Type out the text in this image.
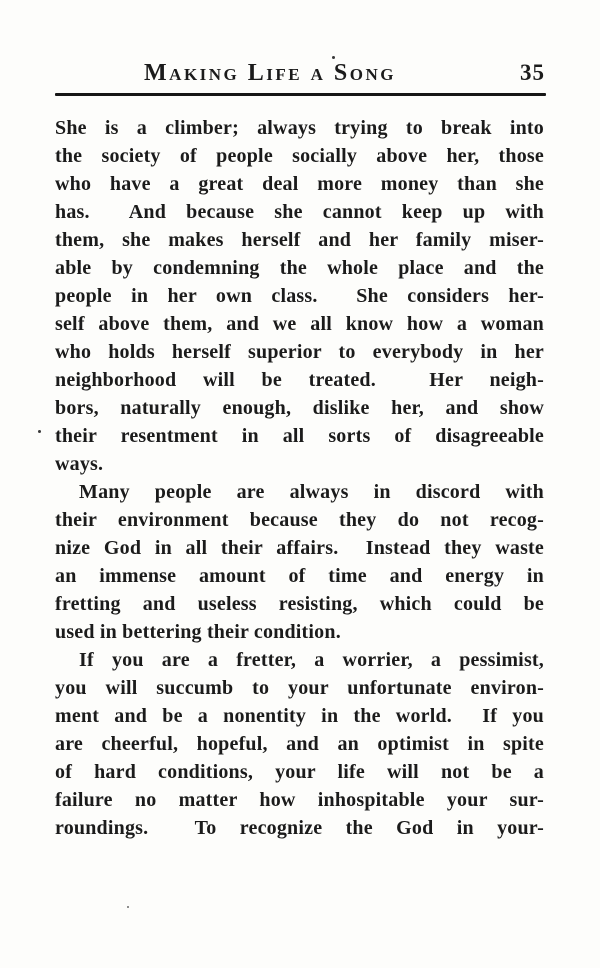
Making Life a Song	35
She is a climber; always trying to break into
the society of people socially above her, those
who have a great deal more money than she
has.  And because she cannot keep up with
them, she makes herself and her family miser-
able by condemning the whole place and the
people in her own class.  She considers her-
self above them, and we all know how a woman
who holds herself superior to everybody in her
neighborhood will be treated.  Her neigh-
bors, naturally enough, dislike her, and show
their resentment in all sorts of disagreeable
ways.
Many people are always in discord with
their environment because they do not recog-
nize God in all their affairs.  Instead they waste
an immense amount of time and energy in
fretting and useless resisting, which could be
used in bettering their condition.
If you are a fretter, a worrier, a pessimist,
you will succumb to your unfortunate environ-
ment and be a nonentity in the world.  If you
are cheerful, hopeful, and an optimist in spite
of hard conditions, your life will not be a
failure no matter how inhospitable your sur-
roundings.  To recognize the God in your-
